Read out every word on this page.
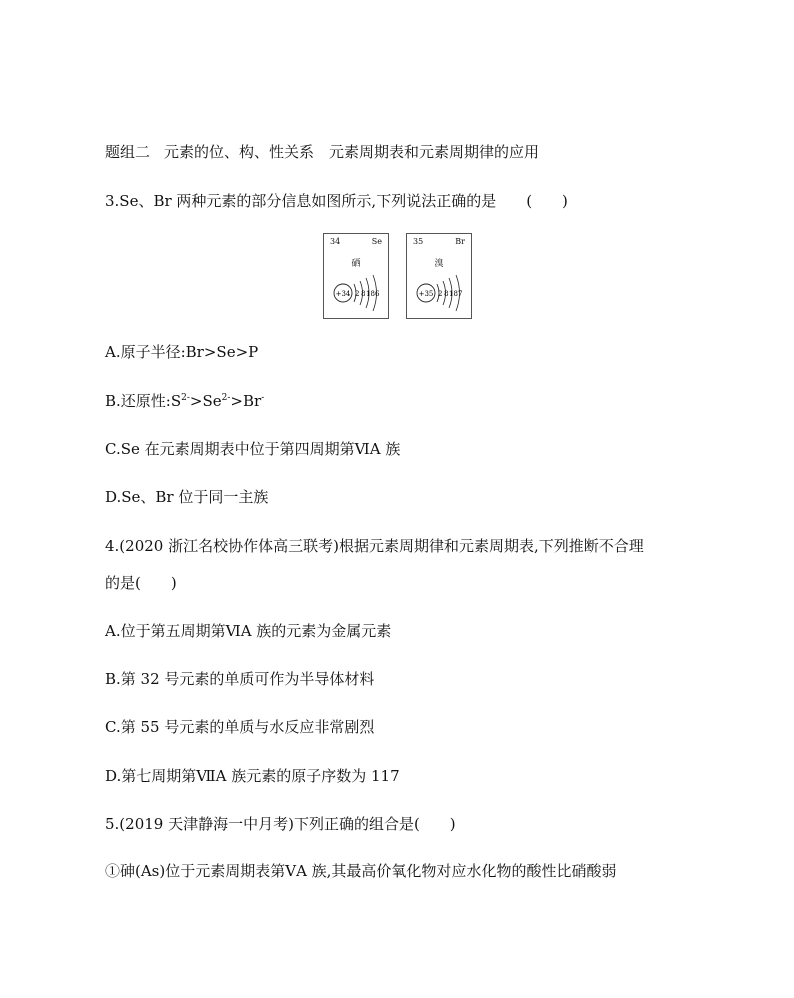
题组二 元素的位、构、性关系　元素周期表和元素周期律的应用
3.Se、Br 两种元素的部分信息如图所示,下列说法正确的是　　(　　)
34	Se
硒
+34 2 8 18 6
35	Br
溴
+35 2 8 18 7
A.原子半径:Br>Se>P
B.还原性$:S^{2-}>Se^{2-}>Br^-$
C.Se 在元素周期表中位于第四周期第ⅥA 族
D.Se、Br 位于同一主族
4.(2020 浙江名校协作体高三联考)根据元素周期律和元素周期表,下列推断不合理
的是(　　)
A.位于第五周期第ⅥA 族的元素为金属元素
B.第 32 号元素的单质可作为半导体材料
C.第 55 号元素的单质与水反应非常剧烈
D.第七周期第ⅦA 族元素的原子序数为 117
5.(2019 天津静海一中月考)下列正确的组合是(　　)
①砷(As)位于元素周期表第ⅤA 族,其最高价氧化物对应水化物的酸性比硝酸弱
